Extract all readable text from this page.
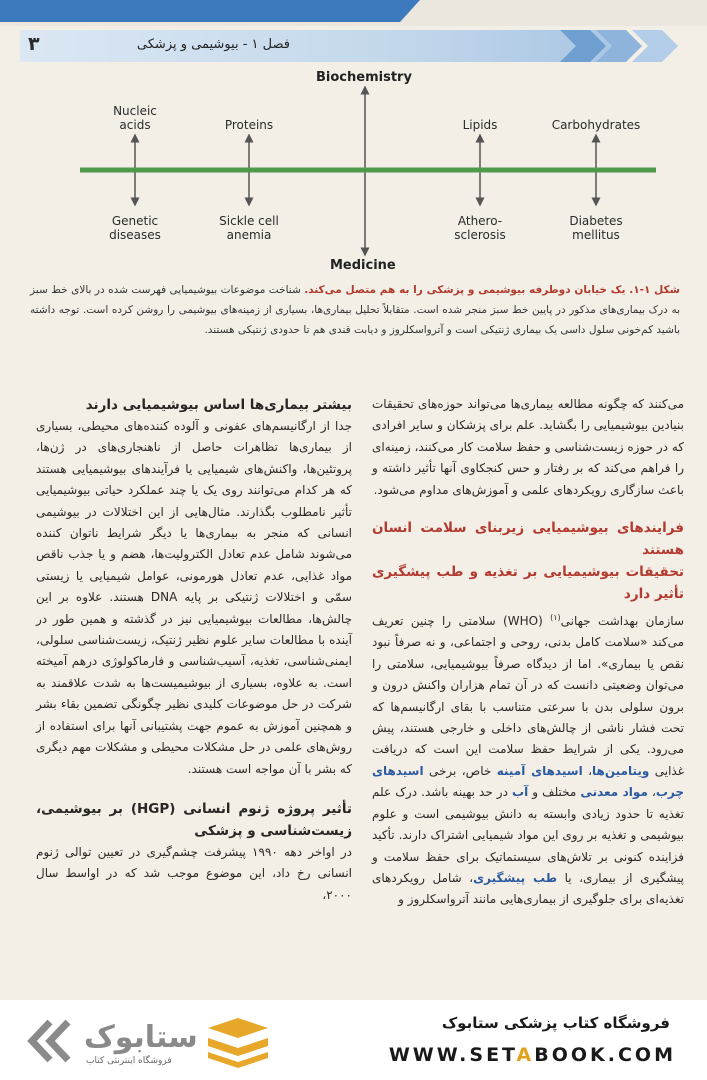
۳	فصل ۱ - بیوشیمی و پزشکی
Biochemistry
Medicine
Nucleic
acids	Proteins	Lipids	Carbohydrates
Genetic
diseases
Sickle cell
anemia
Athero-
sclerosis
Diabetes
mellitus
شکل ۱-۱. یک خیابان دوطرفه بیوشیمی و پزشکی را به هم متصل می‌کند. شناخت موضوعات بیوشیمیایی فهرست شده در بالای خط سبز به درک بیماری‌های مذکور در پایین خط سبز منجر شده است. متقابلاً تحلیل بیماری‌ها، بسیاری از زمینه‌های بیوشیمی را روشن کرده است. توجه داشته باشید کم‌خونی سلول داسی یک بیماری ژنتیکی است و آترواسکلروز و دیابت قندی هم تا حدودی ژنتیکی هستند.

می‌کنند که چگونه مطالعه بیماری‌ها می‌تواند حوزه‌های تحقیقات بنیادین بیوشیمیایی را بگشاید. علم برای پزشکان و سایر افرادی که در حوزه زیست‌شناسی و حفظ سلامت کار می‌کنند، زمینه‌ای را فراهم می‌کند که بر رفتار و حس کنجکاوی آنها تأثیر داشته و باعث سازگاری رویکردهای علمی و آموزش‌های مداوم می‌شود.

فرایندهای بیوشیمیایی زیربنای سلامت انسان هستند
تحقیقات بیوشیمیایی بر تغذیه و طب پیشگیری تأثیر دارد

سازمان بهداشت جهانی$^{(۱)}$ (WHO) سلامتی را چنین تعریف می‌کند «سلامت کامل بدنی، روحی و اجتماعی، و نه صرفاً نبود نقص یا بیماری». اما از دیدگاه صرفاً بیوشیمیایی، سلامتی را می‌توان وضعیتی دانست که در آن تمام هزاران واکنش درون و برون سلولی بدن با سرعتی متناسب با بقای ارگانیسم‌ها که تحت فشار ناشی از چالش‌های داخلی و خارجی هستند، پیش می‌رود. یکی از شرایط حفظ سلامت این است که دریافت غذایی ویتامین‌ها، اسیدهای آمینه خاص، برخی اسیدهای چرب، مواد معدنی مختلف و آب در حد بهینه باشد. درک علم تغذیه تا حدود زیادی وابسته به دانش بیوشیمی است و علوم بیوشیمی و تغذیه بر روی این مواد شیمیایی اشتراک دارند. تأکید فزاینده کنونی بر تلاش‌های سیستماتیک برای حفظ سلامت و پیشگیری از بیماری، یا طب پیشگیری، شامل رویکردهای تغذیه‌ای برای جلوگیری از بیماری‌هایی مانند آترواسکلروز و

بیشتر بیماری‌ها اساس بیوشیمیایی دارند

جدا از ارگانیسم‌های عفونی و آلوده کننده‌های محیطی، بسیاری از بیماری‌ها تظاهرات حاصل از ناهنجاری‌های در ژن‌ها، پروتئین‌ها، واکنش‌های شیمیایی یا فرآیندهای بیوشیمیایی هستند که هر کدام می‌توانند روی یک یا چند عملکرد حیاتی بیوشیمیایی تأثیر نامطلوب بگذارند. مثال‌هایی از این اختلالات در بیوشیمی انسانی که منجر به بیماری‌ها یا دیگر شرایط ناتوان کننده می‌شوند شامل عدم تعادل الکترولیت‌ها، هضم و یا جذب ناقص مواد غذایی، عدم تعادل هورمونی، عوامل شیمیایی یا زیستی سمّی و اختلالات ژنتیکی بر پایه DNA هستند. علاوه بر این چالش‌ها، مطالعات بیوشیمیایی نیز در گذشته و همین طور در آینده با مطالعات سایر علوم نظیر ژنتیک، زیست‌شناسی سلولی، ایمنی‌شناسی، تغذیه، آسیب‌شناسی و فارماکولوژی درهم آمیخته است. به علاوه، بسیاری از بیوشیمیست‌ها به شدت علاقمند به شرکت در حل موضوعات کلیدی نظیر چگونگی تضمین بقاء بشر و همچنین آموزش به عموم جهت پشتیبانی آنها برای استفاده از روش‌های علمی در حل مشکلات محیطی و مشکلات مهم دیگری که بشر با آن مواجه است هستند.

تأثیر پروژه ژنوم انسانی (HGP) بر بیوشیمی، زیست‌شناسی و پزشکی

در اواخر دهه ۱۹۹۰ پیشرفت چشم‌گیری در تعیین توالی ژنوم انسانی رخ داد، این موضوع موجب شد که در اواسط سال ۲۰۰۰،

ستابوک
فروشگاه اینترنتی کتاب
فروشگاه کتاب پزشکی ستابوک
WWW.SETABOOK.COM
